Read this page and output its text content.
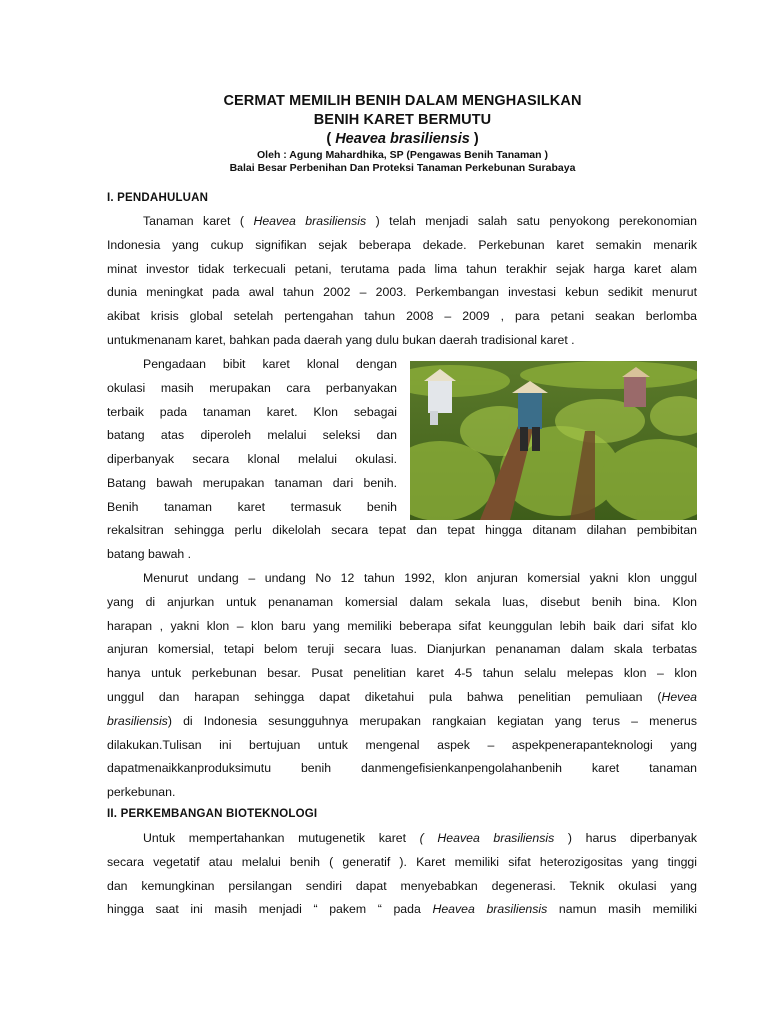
CERMAT MEMILIH BENIH DALAM MENGHASILKAN
BENIH KARET BERMUTU
( Heavea brasiliensis )
Oleh : Agung Mahardhika, SP (Pengawas Benih Tanaman )
Balai Besar Perbenihan Dan Proteksi Tanaman Perkebunan Surabaya
I. PENDAHULUAN
Tanaman karet ( Heavea brasiliensis ) telah menjadi salah satu penyokong perekonomian
Indonesia yang cukup signifikan sejak beberapa dekade. Perkebunan karet semakin menarik
minat investor tidak terkecuali petani, terutama pada lima tahun terakhir sejak harga karet alam
dunia meningkat pada awal tahun 2002 – 2003. Perkembangan investasi kebun sedikit menurut
akibat krisis global setelah pertengahan tahun 2008 – 2009 , para petani seakan berlomba
untukmenanam karet, bahkan pada daerah yang dulu bukan daerah tradisional karet .
Pengadaan bibit karet klonal dengan
okulasi masih merupakan cara perbanyakan
terbaik pada tanaman karet. Klon sebagai
batang atas diperoleh melalui seleksi dan
diperbanyak secara klonal melalui okulasi.
Batang bawah merupakan tanaman dari benih.
Benih tanaman karet termasuk benih
rekalsitran sehingga perlu dikelolah secara tepat dan tepat hingga ditanam dilahan pembibitan
batang bawah .
Menurut undang – undang No 12 tahun 1992, klon anjuran komersial yakni klon unggul
yang di anjurkan untuk penanaman komersial dalam sekala luas, disebut benih bina. Klon
harapan , yakni klon – klon baru yang memiliki beberapa sifat keunggulan lebih baik dari sifat klo
anjuran komersial, tetapi belom teruji secara luas. Dianjurkan penanaman dalam skala terbatas
hanya untuk perkebunan besar. Pusat penelitian karet 4-5 tahun selalu melepas klon – klon
unggul dan harapan sehingga dapat diketahui pula bahwa penelitian pemuliaan (Hevea
brasiliensis) di Indonesia sesungguhnya merupakan rangkaian kegiatan yang terus – menerus
dilakukan.Tulisan ini bertujuan untuk mengenal aspek – aspekpenerapanteknologi yang
dapatmenaikkanproduksimutu benih danmengefisienkanpengolahanbenih karet tanaman
perkebunan.
II. PERKEMBANGAN BIOTEKNOLOGI
Untuk mempertahankan mutugenetik karet ( Heavea brasiliensis ) harus diperbanyak
secara vegetatif atau melalui benih ( generatif ). Karet memiliki sifat heterozigositas yang tinggi
dan kemungkinan persilangan sendiri dapat menyebabkan degenerasi. Teknik okulasi yang
hingga saat ini masih menjadi “ pakem “ pada Heavea brasiliensis namun masih memiliki
